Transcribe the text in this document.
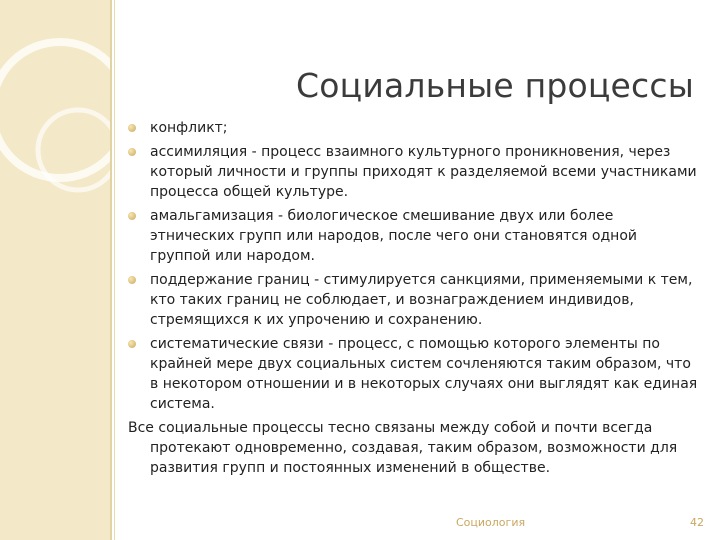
Социальные процессы
конфликт;
ассимиляция - процесс взаимного культурного проникновения, через который личности и группы приходят к разделяемой всеми участниками процесса общей культуре.
амальгамизация - биологическое смешивание двух или более этнических групп или народов, после чего они становятся одной группой или народом.
поддержание границ - стимулируется санкциями, применяемыми к тем, кто таких границ не соблюдает, и вознаграждением индивидов, стремящихся к их упрочению и сохранению.
систематические связи - процесс, с помощью которого элементы по крайней мере двух социальных систем сочленяются таким образом, что в некотором отношении и в некоторых случаях они выглядят как единая система.

Все социальные процессы тесно связаны между собой и почти всегда протекают одновременно, создавая, таким образом, возможности для развития групп и постоянных изменений в обществе.

Социология	42
